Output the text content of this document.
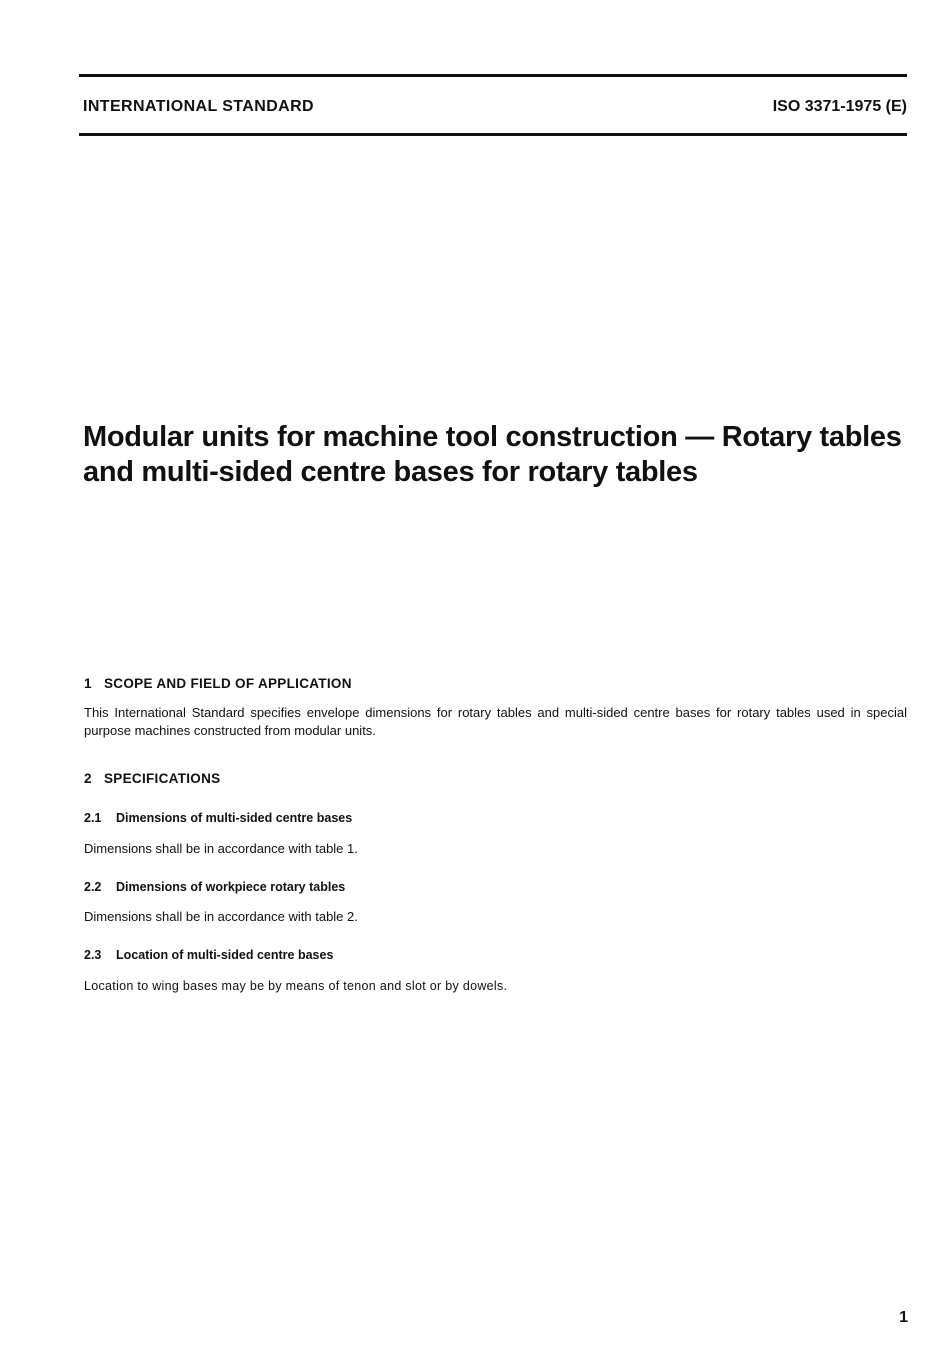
INTERNATIONAL STANDARD	ISO 3371-1975 (E)
Modular units for machine tool construction — Rotary tables
and multi-sided centre bases for rotary tables
1 SCOPE AND FIELD OF APPLICATION
This International Standard specifies envelope dimensions for rotary tables and multi-sided centre bases for rotary tables used in special purpose machines constructed from modular units.
2 SPECIFICATIONS
2.1 Dimensions of multi-sided centre bases
Dimensions shall be in accordance with table 1.
2.2 Dimensions of workpiece rotary tables
Dimensions shall be in accordance with table 2.
2.3 Location of multi-sided centre bases
Location to wing bases may be by means of tenon and slot or by dowels.
1
